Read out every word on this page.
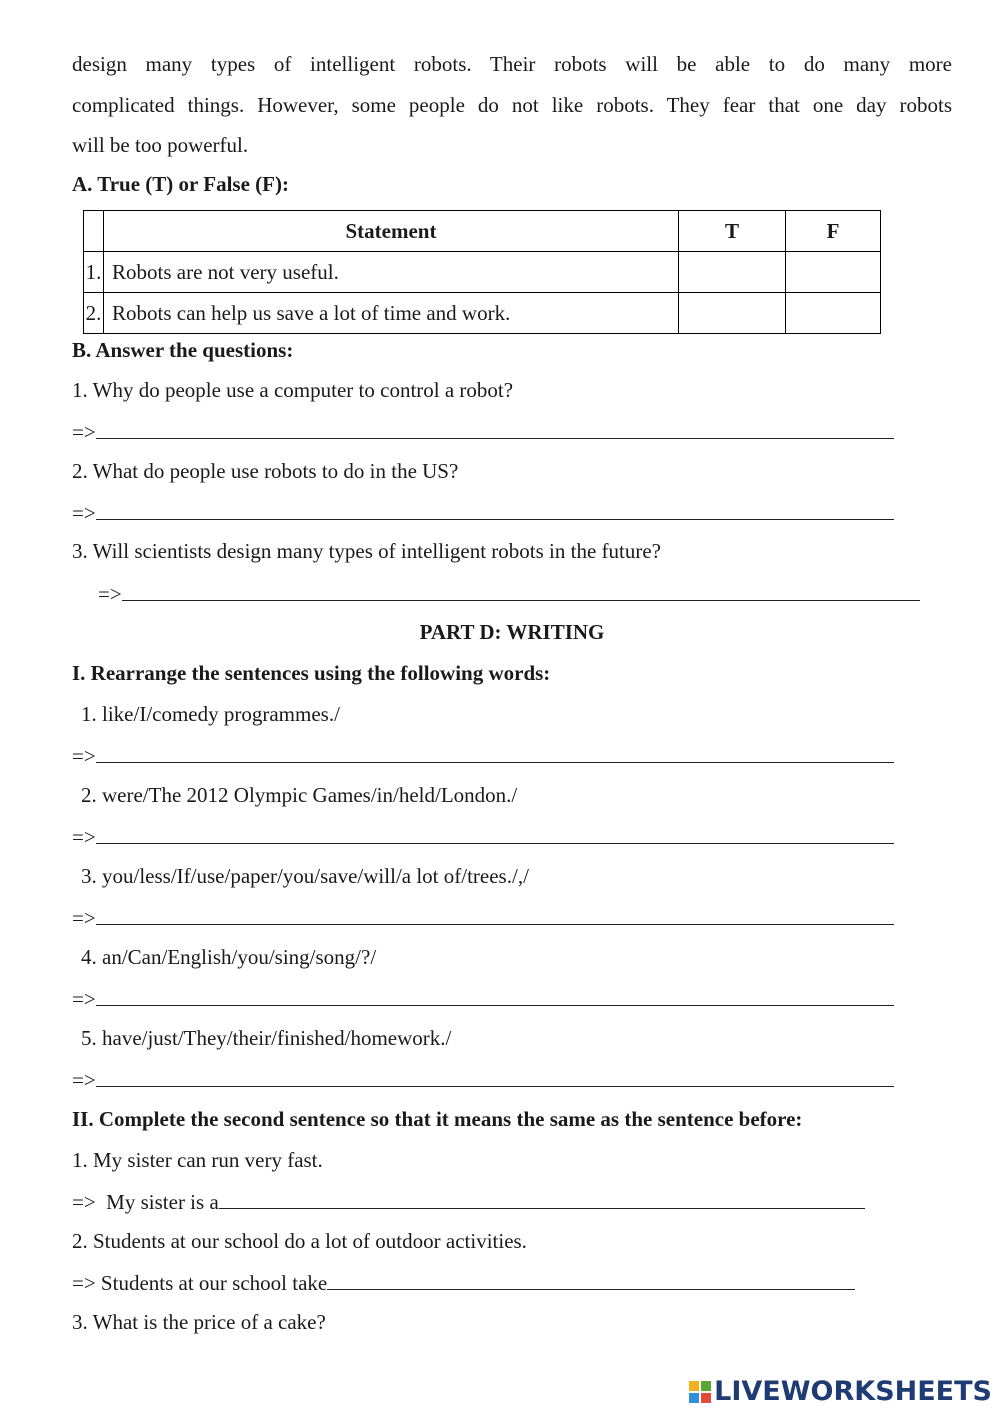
design many types of intelligent robots. Their robots will be able to do many more
complicated things. However, some people do not like robots. They fear that one day robots
will be too powerful.
A. True (T) or False (F):
	Statement	T	F
1.	Robots are not very useful.		
2.	Robots can help us save a lot of time and work.		
B. Answer the questions:
1. Why do people use a computer to control a robot?
=>
2. What do people use robots to do in the US?
=>
3. Will scientists design many types of intelligent robots in the future?
=>
PART D: WRITING
I. Rearrange the sentences using the following words:
1. like/I/comedy programmes./
=>
2. were/The 2012 Olympic Games/in/held/London./
=>
3. you/less/If/use/paper/you/save/will/a lot of/trees./,/
=>
4. an/Can/English/you/sing/song/?/
=>
5. have/just/They/their/finished/homework./
=>
II. Complete the second sentence so that it means the same as the sentence before:
1. My sister can run very fast.
=>  My sister is a
2. Students at our school do a lot of outdoor activities.
=> Students at our school take
3. What is the price of a cake?
LIVEWORKSHEETS
